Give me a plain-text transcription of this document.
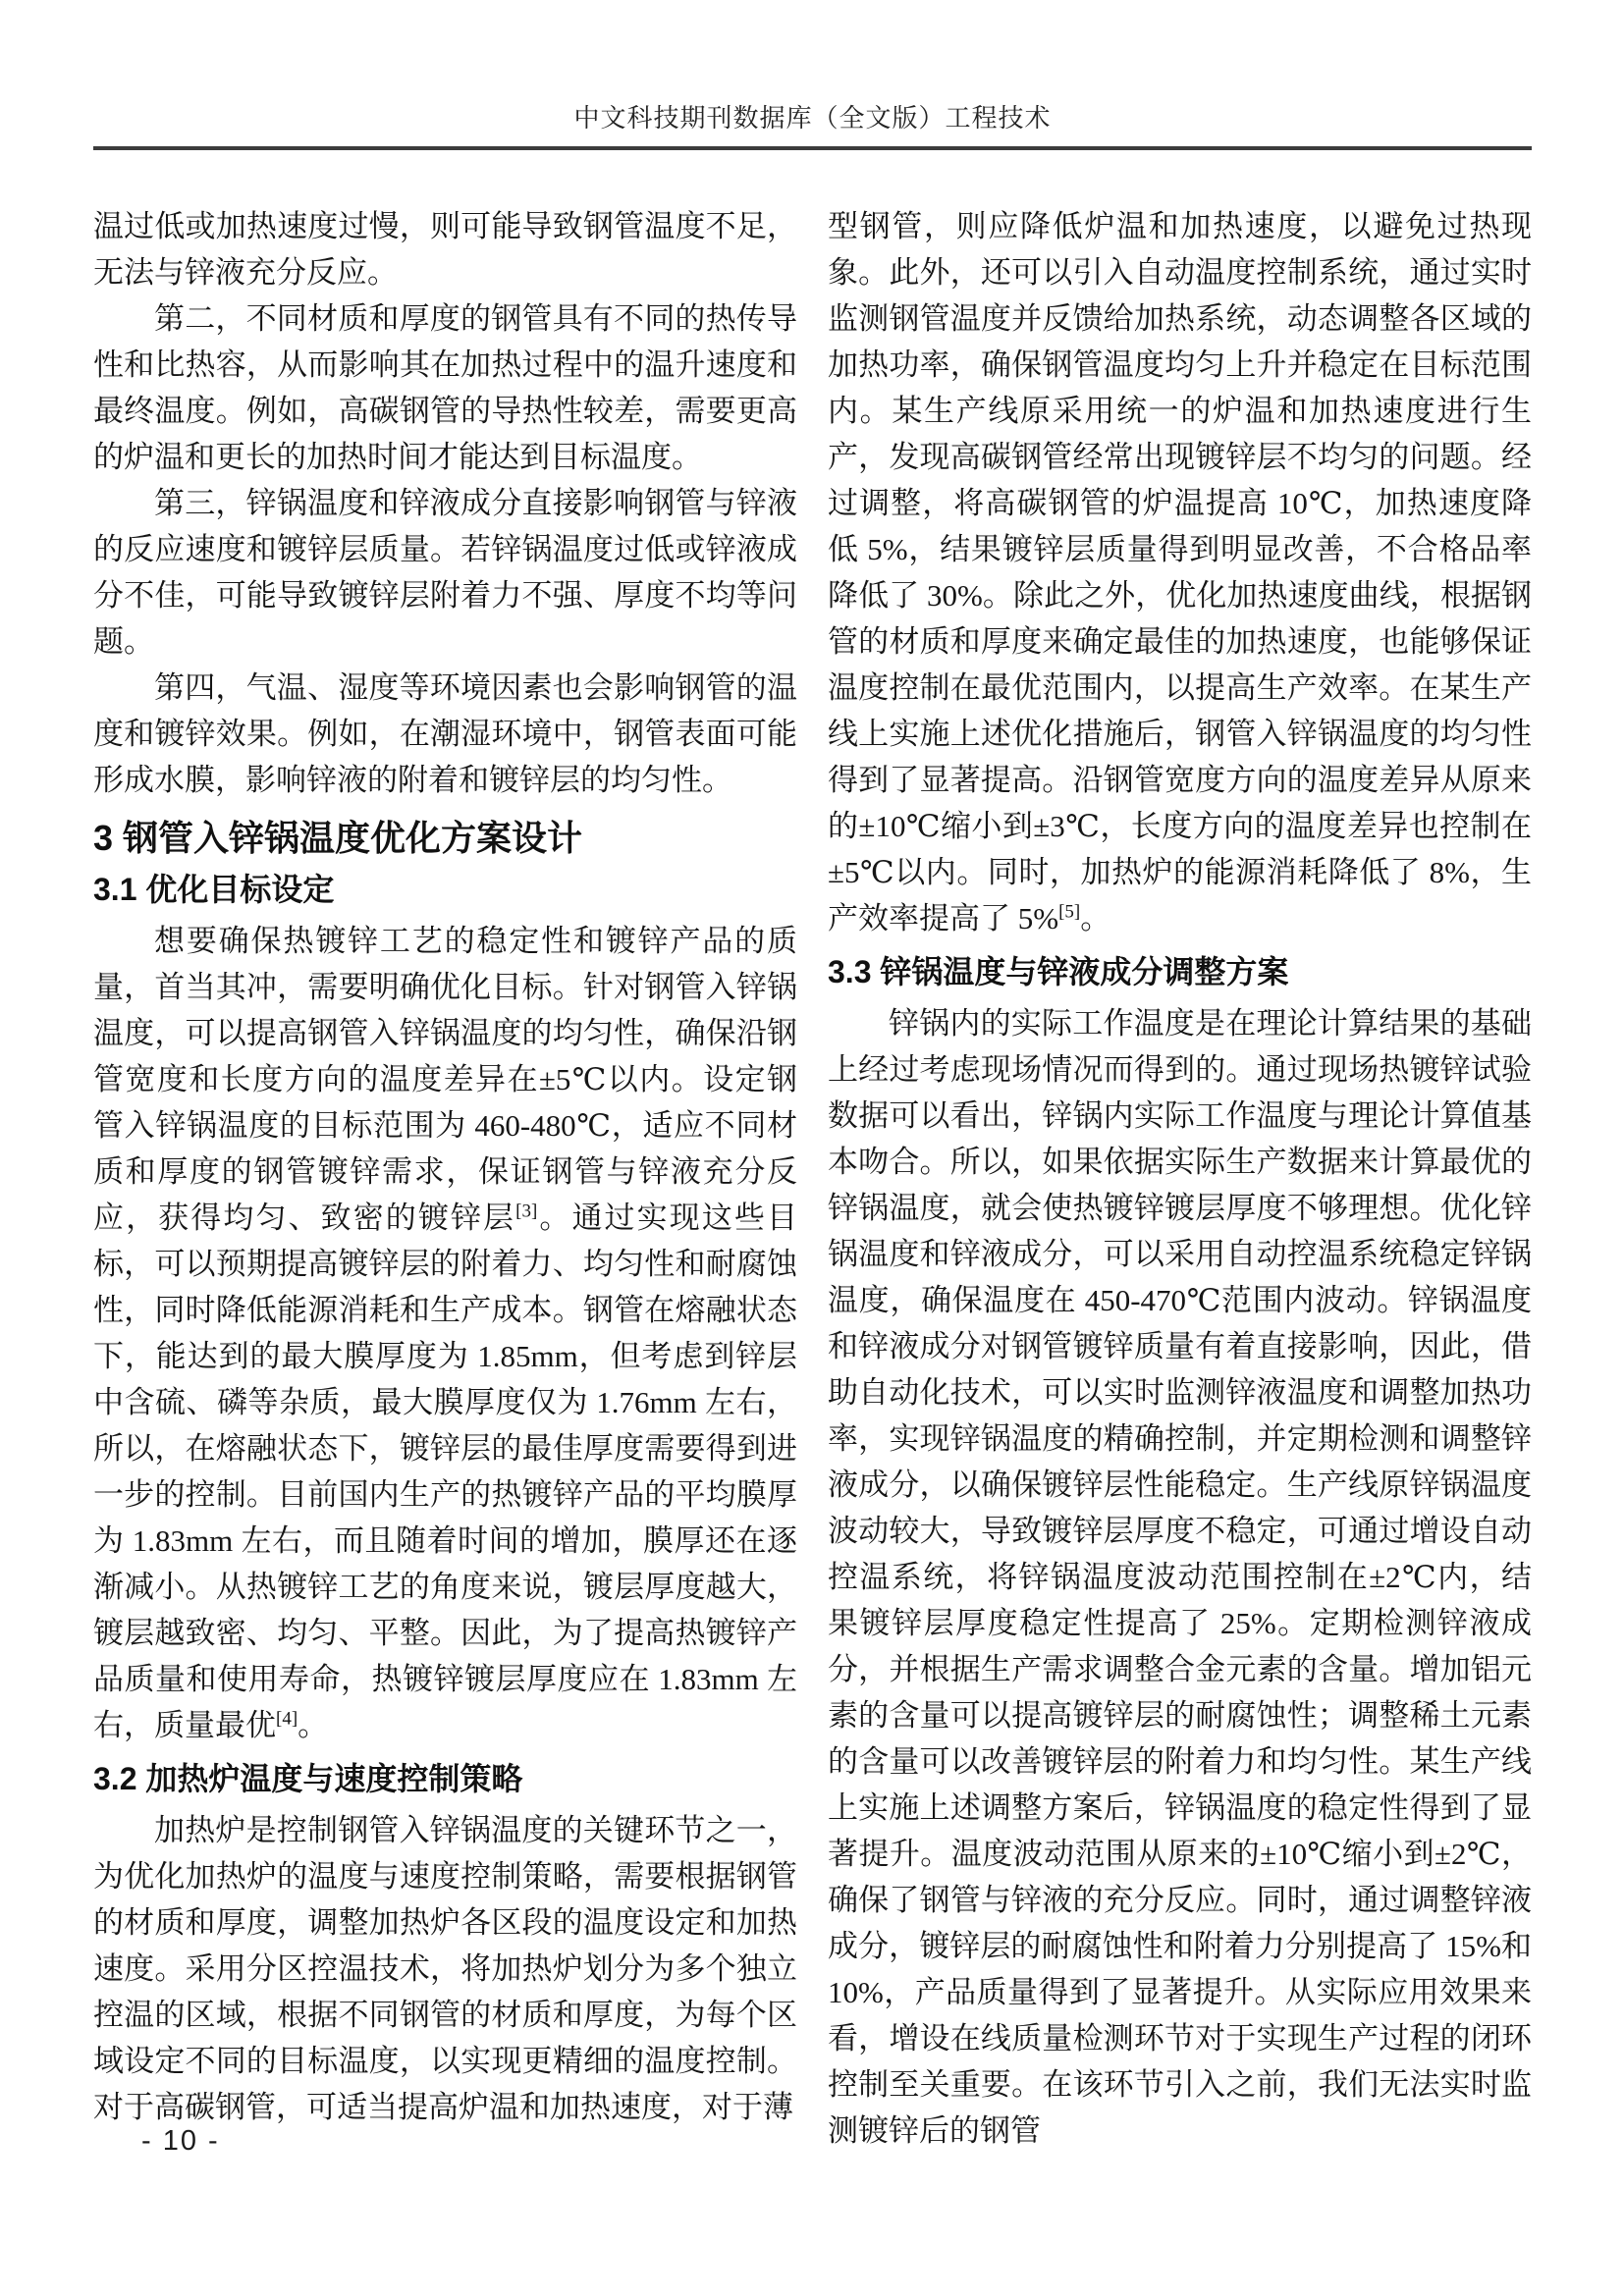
中文科技期刊数据库（全文版）工程技术

温过低或加热速度过慢，则可能导致钢管温度不足，无法与锌液充分反应。

第二，不同材质和厚度的钢管具有不同的热传导性和比热容，从而影响其在加热过程中的温升速度和最终温度。例如，高碳钢管的导热性较差，需要更高的炉温和更长的加热时间才能达到目标温度。

第三，锌锅温度和锌液成分直接影响钢管与锌液的反应速度和镀锌层质量。若锌锅温度过低或锌液成分不佳，可能导致镀锌层附着力不强、厚度不均等问题。

第四，气温、湿度等环境因素也会影响钢管的温度和镀锌效果。例如，在潮湿环境中，钢管表面可能形成水膜，影响锌液的附着和镀锌层的均匀性。

3 钢管入锌锅温度优化方案设计
3.1 优化目标设定

想要确保热镀锌工艺的稳定性和镀锌产品的质量，首当其冲，需要明确优化目标。针对钢管入锌锅温度，可以提高钢管入锌锅温度的均匀性，确保沿钢管宽度和长度方向的温度差异在±5℃以内。设定钢管入锌锅温度的目标范围为 460-480℃，适应不同材质和厚度的钢管镀锌需求，保证钢管与锌液充分反应，获得均匀、致密的镀锌层[3]。通过实现这些目标，可以预期提高镀锌层的附着力、均匀性和耐腐蚀性，同时降低能源消耗和生产成本。钢管在熔融状态下，能达到的最大膜厚度为 1.85mm，但考虑到锌层中含硫、磷等杂质，最大膜厚度仅为 1.76mm 左右，所以，在熔融状态下，镀锌层的最佳厚度需要得到进一步的控制。目前国内生产的热镀锌产品的平均膜厚为 1.83mm 左右，而且随着时间的增加，膜厚还在逐渐减小。从热镀锌工艺的角度来说，镀层厚度越大，镀层越致密、均匀、平整。因此，为了提高热镀锌产品质量和使用寿命，热镀锌镀层厚度应在 1.83mm 左右，质量最优[4]。

3.2 加热炉温度与速度控制策略

加热炉是控制钢管入锌锅温度的关键环节之一，为优化加热炉的温度与速度控制策略，需要根据钢管的材质和厚度，调整加热炉各区段的温度设定和加热速度。采用分区控温技术，将加热炉划分为多个独立控温的区域，根据不同钢管的材质和厚度，为每个区域设定不同的目标温度，以实现更精细的温度控制。对于高碳钢管，可适当提高炉温和加热速度，对于薄

型钢管，则应降低炉温和加热速度，以避免过热现象。此外，还可以引入自动温度控制系统，通过实时监测钢管温度并反馈给加热系统，动态调整各区域的加热功率，确保钢管温度均匀上升并稳定在目标范围内。某生产线原采用统一的炉温和加热速度进行生产，发现高碳钢管经常出现镀锌层不均匀的问题。经过调整，将高碳钢管的炉温提高 10℃，加热速度降低 5%，结果镀锌层质量得到明显改善，不合格品率降低了 30%。除此之外，优化加热速度曲线，根据钢管的材质和厚度来确定最佳的加热速度，也能够保证温度控制在最优范围内，以提高生产效率。在某生产线上实施上述优化措施后，钢管入锌锅温度的均匀性得到了显著提高。沿钢管宽度方向的温度差异从原来的±10℃缩小到±3℃，长度方向的温度差异也控制在±5℃以内。同时，加热炉的能源消耗降低了 8%，生产效率提高了 5%[5]。

3.3 锌锅温度与锌液成分调整方案

锌锅内的实际工作温度是在理论计算结果的基础上经过考虑现场情况而得到的。通过现场热镀锌试验数据可以看出，锌锅内实际工作温度与理论计算值基本吻合。所以，如果依据实际生产数据来计算最优的锌锅温度，就会使热镀锌镀层厚度不够理想。优化锌锅温度和锌液成分，可以采用自动控温系统稳定锌锅温度，确保温度在 450-470℃范围内波动。锌锅温度和锌液成分对钢管镀锌质量有着直接影响，因此，借助自动化技术，可以实时监测锌液温度和调整加热功率，实现锌锅温度的精确控制，并定期检测和调整锌液成分，以确保镀锌层性能稳定。生产线原锌锅温度波动较大，导致镀锌层厚度不稳定，可通过增设自动控温系统，将锌锅温度波动范围控制在±2℃内，结果镀锌层厚度稳定性提高了 25%。定期检测锌液成分，并根据生产需求调整合金元素的含量。增加铝元素的含量可以提高镀锌层的耐腐蚀性；调整稀土元素的含量可以改善镀锌层的附着力和均匀性。某生产线上实施上述调整方案后，锌锅温度的稳定性得到了显著提升。温度波动范围从原来的±10℃缩小到±2℃，确保了钢管与锌液的充分反应。同时，通过调整锌液成分，镀锌层的耐腐蚀性和附着力分别提高了 15%和 10%，产品质量得到了显著提升。从实际应用效果来看，增设在线质量检测环节对于实现生产过程的闭环控制至关重要。在该环节引入之前，我们无法实时监测镀锌后的钢管

- 10 -
